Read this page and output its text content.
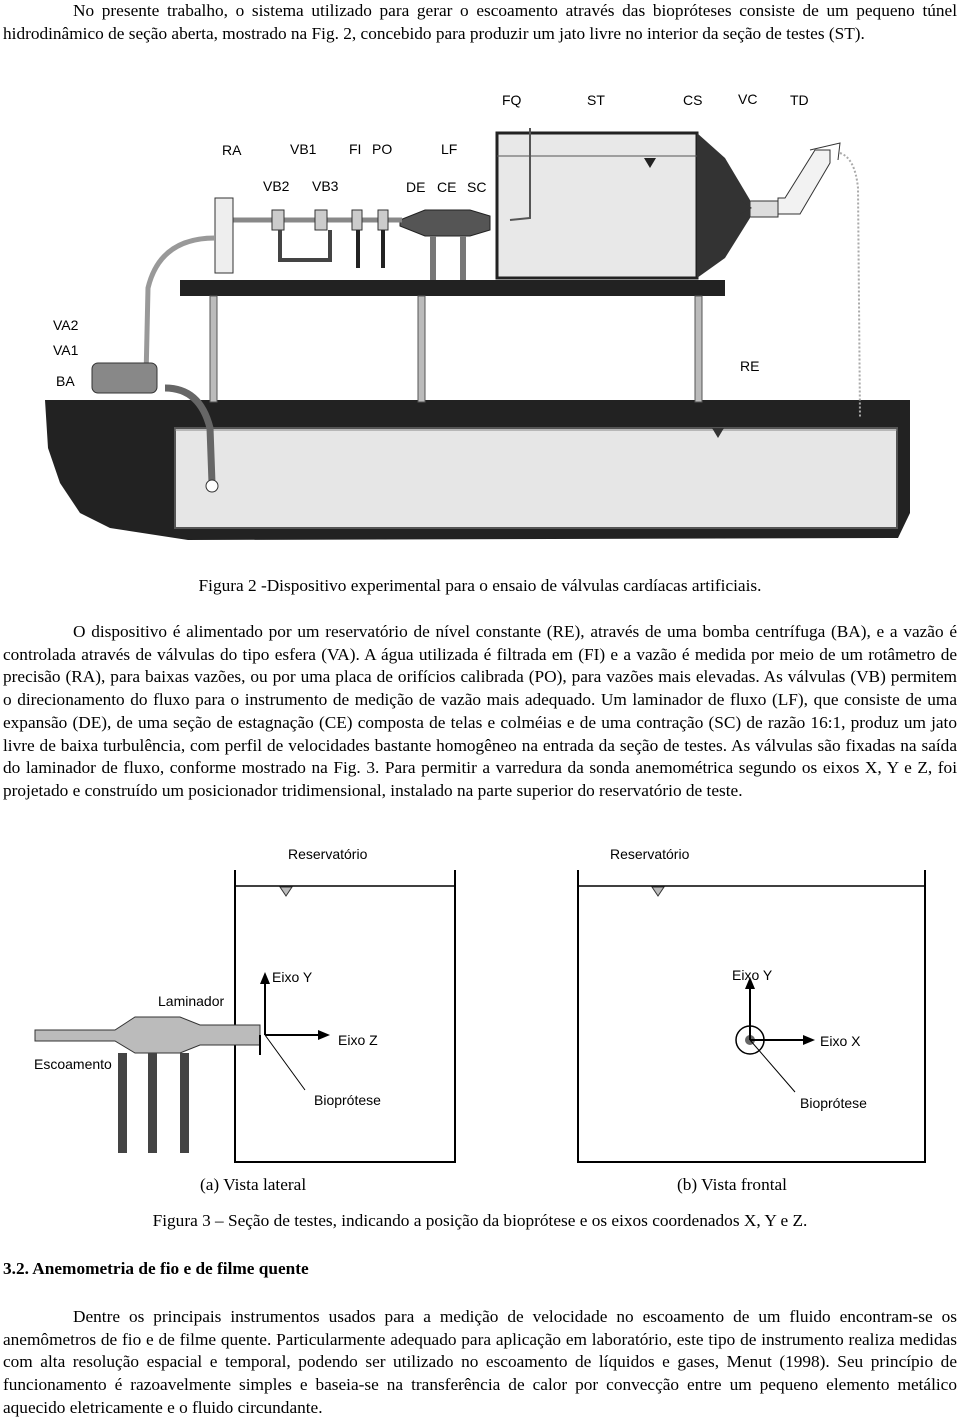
No presente trabalho, o sistema utilizado para gerar o escoamento através das biopróteses consiste de um pequeno túnel hidrodinâmico de seção aberta, mostrado na Fig. 2, concebido para produzir um jato livre no interior da seção de testes (ST).

FQ	ST	CS	VC TD
RA	VB1 FI PO	LF
VB2 VB3	DE CE SC
VA2
VA1
BA
RE

Figura 2 -Dispositivo experimental para o ensaio de válvulas cardíacas artificiais.

O dispositivo é alimentado por um reservatório de nível constante (RE), através de uma bomba centrífuga (BA), e a vazão é controlada através de válvulas do tipo esfera (VA). A água utilizada é filtrada em (FI) e a vazão é medida por meio de um rotâmetro de precisão (RA), para baixas vazões, ou por uma placa de orifícios calibrada (PO), para vazões mais elevadas. As válvulas (VB) permitem o direcionamento do fluxo para o instrumento de medição de vazão mais adequado. Um laminador de fluxo (LF), que consiste de uma expansão (DE), de uma seção de estagnação (CE) composta de telas e colméias e de uma contração (SC) de razão 16:1, produz um jato livre de baixa turbulência, com perfil de velocidades bastante homogêneo na entrada da seção de testes. As válvulas são fixadas na saída do laminador de fluxo, conforme mostrado na Fig. 3. Para permitir a varredura da sonda anemométrica segundo os eixos X, Y e Z, foi projetado e construído um posicionador tridimensional, instalado na parte superior do reservatório de teste.

Reservatório
Eixo Y
Eixo Z
Laminador
Escoamento
Bioprótese
Reservatório
Eixo Y
Eixo X
Bioprótese
(a) Vista lateral	(b) Vista frontal

Figura 3 – Seção de testes, indicando a posição da bioprótese e os eixos coordenados X, Y e Z.

3.2. Anemometria de fio e de filme quente

Dentre os principais instrumentos usados para a medição de velocidade no escoamento de um fluido encontram-se os anemômetros de fio e de filme quente. Particularmente adequado para aplicação em laboratório, este tipo de instrumento realiza medidas com alta resolução espacial e temporal, podendo ser utilizado no escoamento de líquidos e gases, Menut (1998). Seu princípio de funcionamento é razoavelmente simples e baseia-se na transferência de calor por convecção entre um pequeno elemento metálico aquecido eletricamente e o fluido circundante.
